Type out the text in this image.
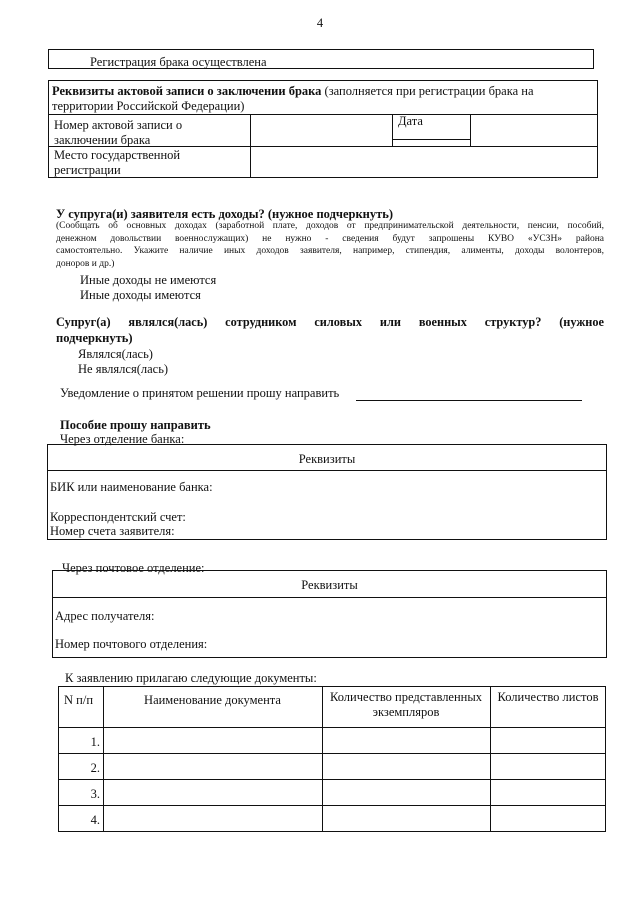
4
Регистрация брака осуществлена
Реквизиты актовой записи о заключении брака (заполняется при регистрации брака на
территории Российской Федерации)
Номер актовой записи о
заключении брака
Дата
Место государственной
регистрации
У супруга(и) заявителя есть доходы? (нужное подчеркнуть)
(Сообщать об основных доходах (заработной плате, доходов от предпринимательской деятельности, пенсии, пособий,
денежном довольствии военнослужащих) не нужно - сведения будут запрошены КУВО «УСЗН» района
самостоятельно. Укажите наличие иных доходов заявителя, например, стипендия, алименты, доходы волонтеров,
доноров и др.)
Иные доходы не имеются
Иные доходы имеются
Супруг(а) являлся(лась) сотрудником силовых или военных структур? (нужное
подчеркнуть)
Являлся(лась)
Не являлся(лась)
Уведомление о принятом решении прошу направить
Пособие прошу направить
Через отделение банка:
Реквизиты
БИК или наименование банка:
Корреспондентский счет:
Номер счета заявителя:
Через почтовое отделение:
Реквизиты
Адрес получателя:
Номер почтового отделения:
К заявлению прилагаю следующие документы:
N п/п	Наименование документа	Количество представленных
экземпляров
Количество листов
1.
2.
3.
4.
